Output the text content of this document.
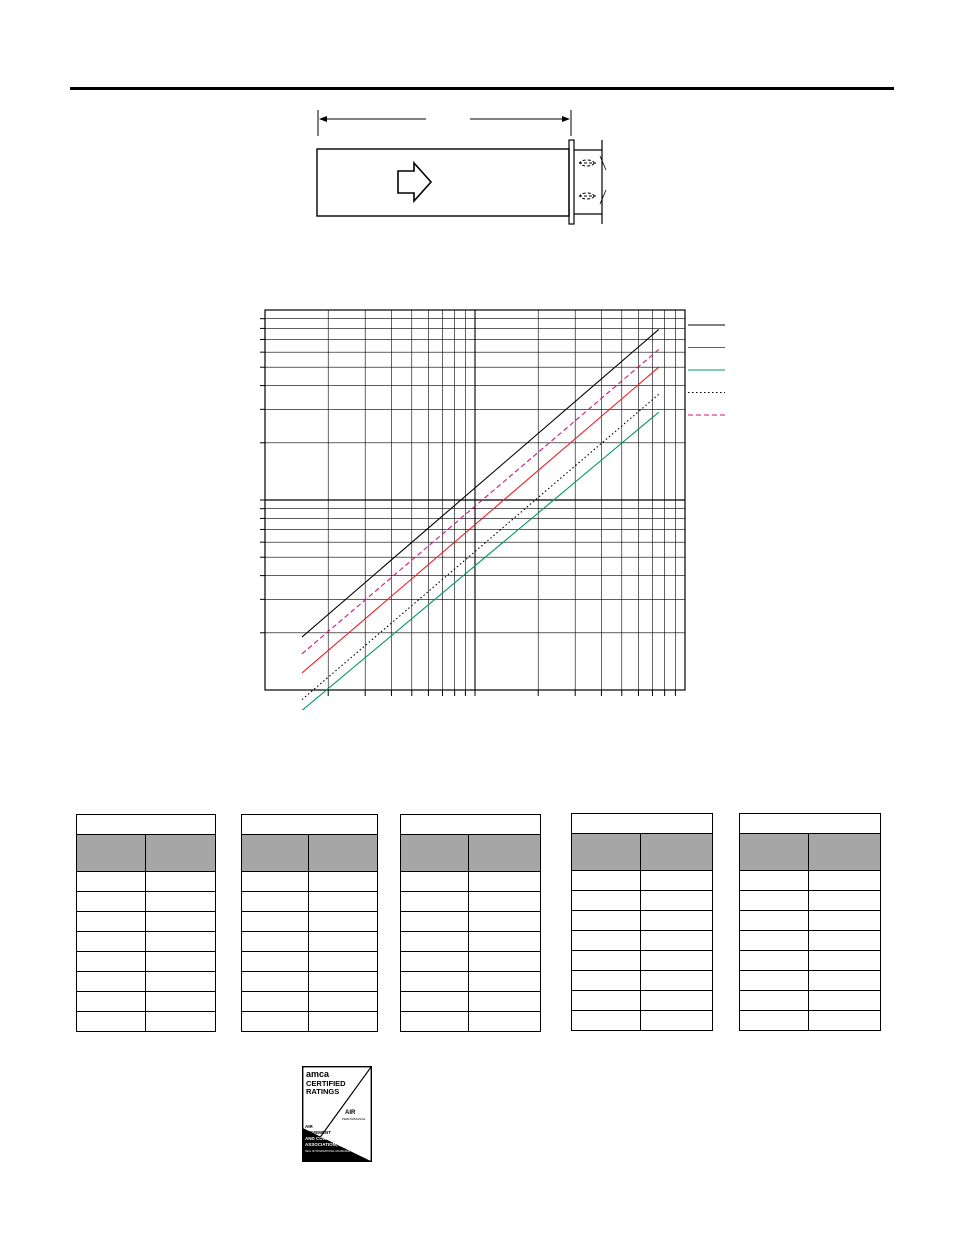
amca
CERTIFIED
RATINGS
AIR
PERFORMANCE
AIR
MOVEMENT
AND CONTROL
ASSOCIATION, INC.
SEAL OF INTERNATIONAL ASSURANCE
